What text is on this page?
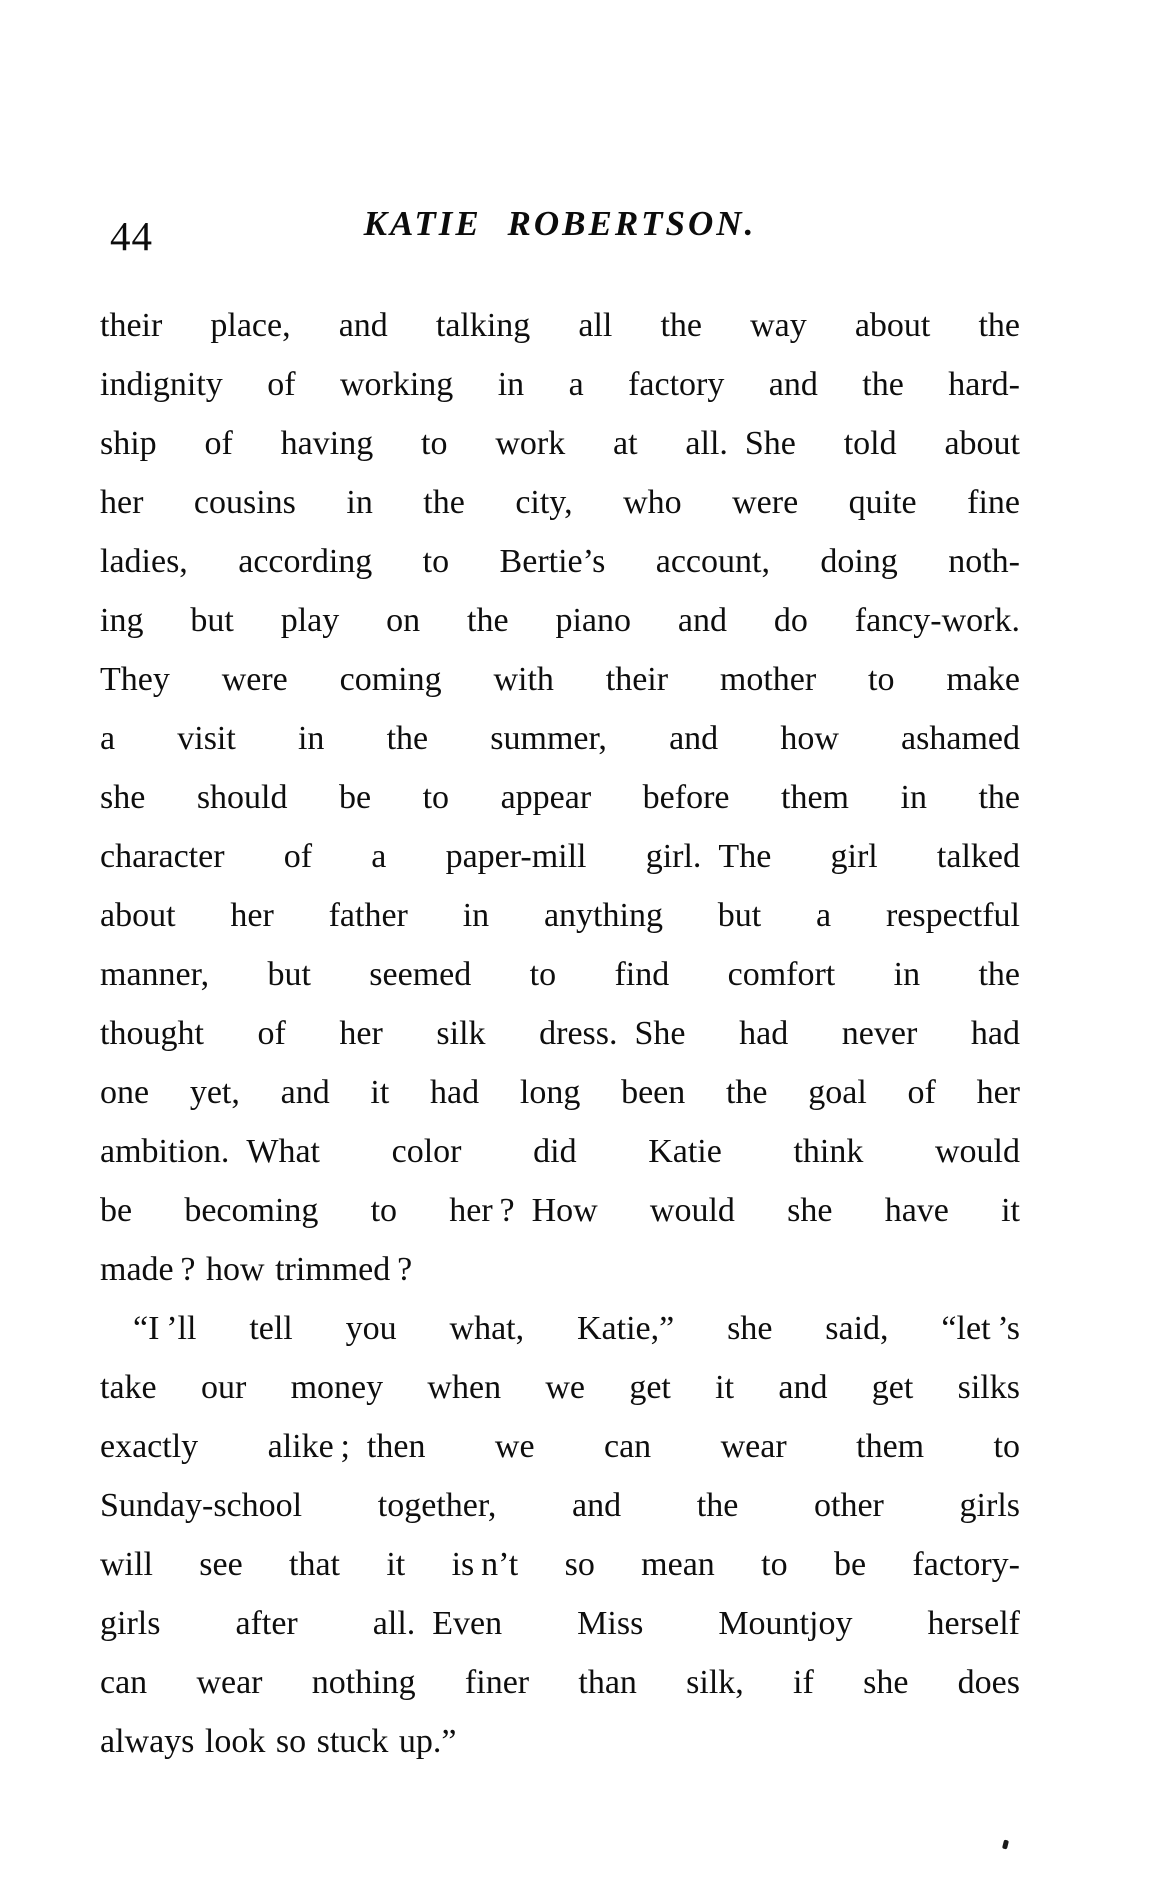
44	KATIE ROBERTSON.
their place, and talking all the way about the
indignity of working in a factory and the hard-
ship of having to work at all. She told about
her cousins in the city, who were quite fine
ladies, according to Bertie’s account, doing noth-
ing but play on the piano and do fancy-work.
They were coming with their mother to make
a visit in the summer, and how ashamed
she should be to appear before them in the
character of a paper-mill girl. The girl talked
about her father in anything but a respectful
manner, but seemed to find comfort in the
thought of her silk dress. She had never had
one yet, and it had long been the goal of her
ambition. What color did Katie think would
be becoming to her ? How would she have it
made ? how trimmed ?
“I ’ll tell you what, Katie,” she said, “let ’s
take our money when we get it and get silks
exactly alike ; then we can wear them to
Sunday-school together, and the other girls
will see that it is n’t so mean to be factory-
girls after all. Even Miss Mountjoy herself
can wear nothing finer than silk, if she does
always look so stuck up.”
